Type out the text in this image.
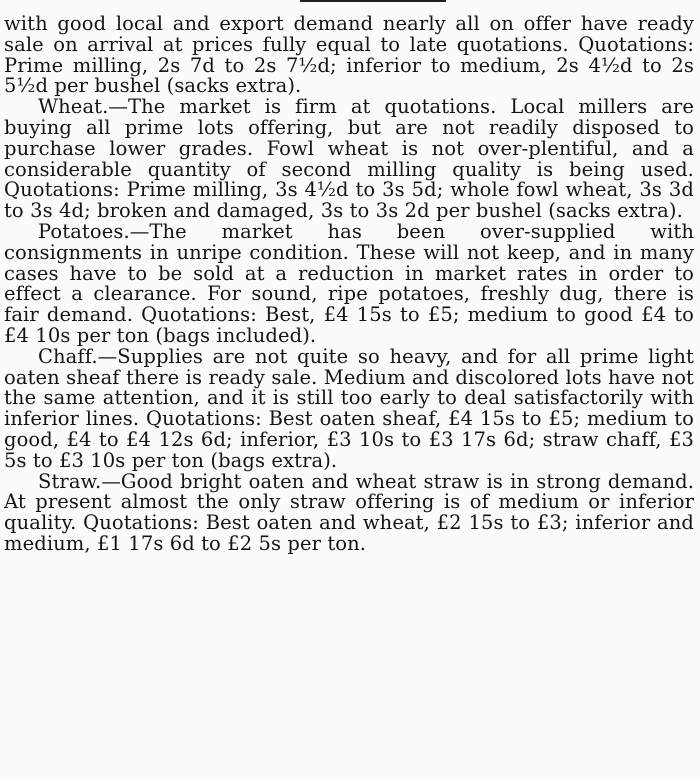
with good local and export demand nearly all on offer have ready sale on arrival at prices fully equal to late quotations. Quotations: Prime milling, 2s 7d to 2s 7½d; inferior to medium, 2s 4½d to 2s 5½d per bushel (sacks extra).

Wheat.—The market is firm at quotations. Local millers are buying all prime lots offering, but are not readily disposed to purchase lower grades. Fowl wheat is not over-plentiful, and a considerable quantity of second milling quality is being used. Quotations: Prime milling, 3s 4½d to 3s 5d; whole fowl wheat, 3s 3d to 3s 4d; broken and damaged, 3s to 3s 2d per bushel (sacks extra).

Potatoes.—The market has been over-supplied with consignments in unripe condition. These will not keep, and in many cases have to be sold at a reduction in market rates in order to effect a clearance. For sound, ripe potatoes, freshly dug, there is fair demand. Quotations: Best, £4 15s to £5; medium to good £4 to £4 10s per ton (bags included).

Chaff.—Supplies are not quite so heavy, and for all prime light oaten sheaf there is ready sale. Medium and discolored lots have not the same attention, and it is still too early to deal satisfactorily with inferior lines. Quotations: Best oaten sheaf, £4 15s to £5; medium to good, £4 to £4 12s 6d; inferior, £3 10s to £3 17s 6d; straw chaff, £3 5s to £3 10s per ton (bags extra).

Straw.—Good bright oaten and wheat straw is in strong demand. At present almost the only straw offering is of medium or inferior quality. Quotations: Best oaten and wheat, £2 15s to £3; inferior and medium, £1 17s 6d to £2 5s per ton.
